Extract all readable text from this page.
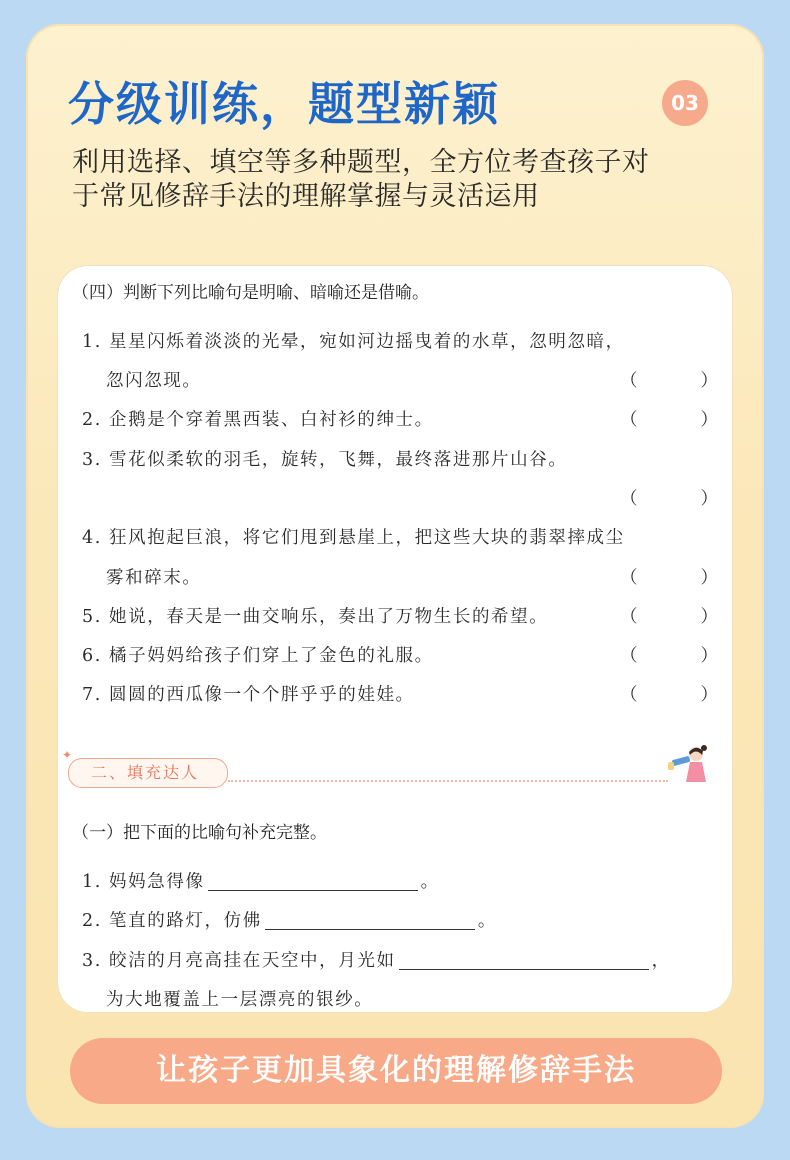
分级训练，题型新颖	03
利用选择、填空等多种题型，全方位考查孩子对
于常见修辞手法的理解掌握与灵活运用
（四）判断下列比喻句是明喻、暗喻还是借喻。
1. 星星闪烁着淡淡的光晕，宛如河边摇曳着的水草，忽明忽暗，
忽闪忽现。	（	）
2. 企鹅是个穿着黑西装、白衬衫的绅士。	（	）
3. 雪花似柔软的羽毛，旋转，飞舞，最终落进那片山谷。
（	）
4. 狂风抱起巨浪，将它们甩到悬崖上，把这些大块的翡翠摔成尘
雾和碎末。	（	）
5. 她说，春天是一曲交响乐，奏出了万物生长的希望。	（	）
6. 橘子妈妈给孩子们穿上了金色的礼服。	（	）
7. 圆圆的西瓜像一个个胖乎乎的娃娃。	（	）
✦
二、填充达人
（一）把下面的比喻句补充完整。
1. 妈妈急得像	。
2. 笔直的路灯，仿佛	。
3. 皎洁的月亮高挂在天空中，月光如	，
为大地覆盖上一层漂亮的银纱。
让孩子更加具象化的理解修辞手法
